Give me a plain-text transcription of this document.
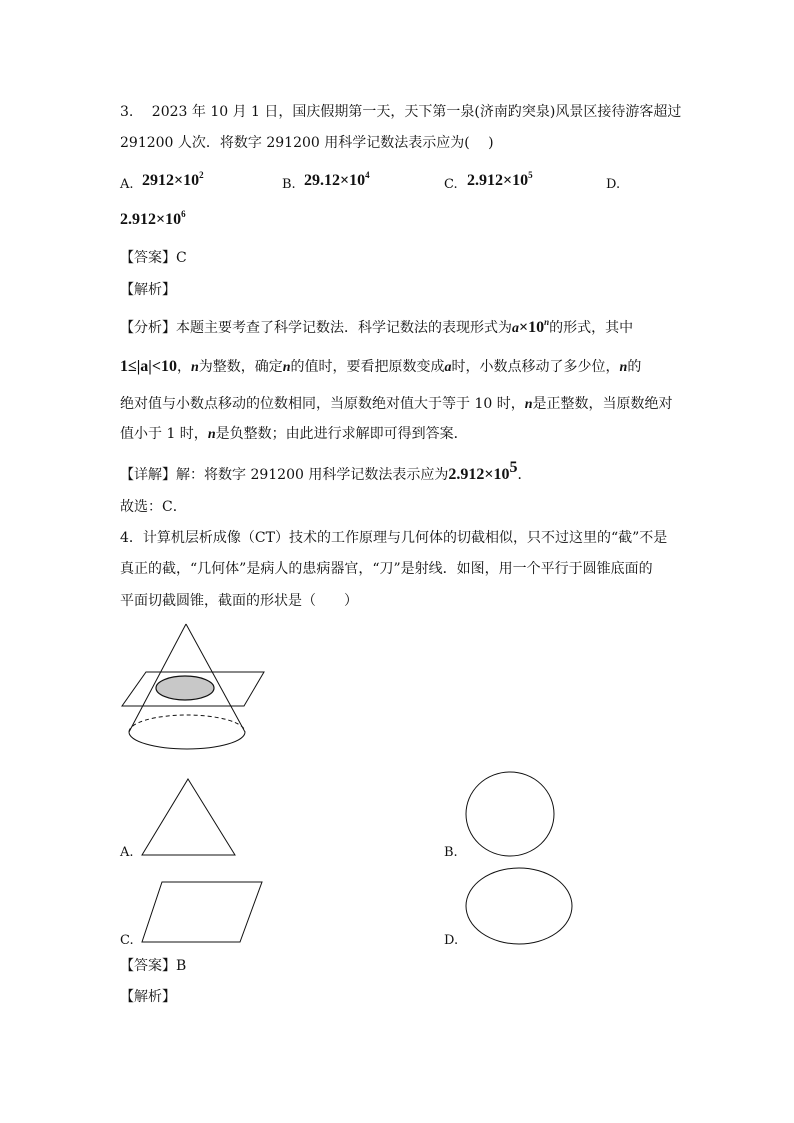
3.　 2023 年 10 月 1 日，国庆假期第一天，天下第一泉(济南趵突泉)风景区接待游客超过
291200 人次．将数字 291200 用科学记数法表示应为(　 )
A. $2912\times 10^2$
B. $29.12\times 10^4$
C. $2.912\times 10^5$
D.
$2.912\times 10^6$
【答案】C
【解析】
【分析】本题主要考查了科学记数法．科学记数法的表现形式为$a\times 10^n$的形式，其中
1≤|a|<10，n为整数，确定n的值时，要看把原数变成a时，小数点移动了多少位，n的
绝对值与小数点移动的位数相同，当原数绝对值大于等于 10 时，n是正整数，当原数绝对
值小于 1 时，n是负整数；由此进行求解即可得到答案．
【详解】解：将数字 291200 用科学记数法表示应为$2.912\times 10^5$．
故选：C．
4．计算机层析成像（CT）技术的工作原理与几何体的切截相似，只不过这里的“截”不是
真正的截，“几何体”是病人的患病器官，“刀”是射线．如图，用一个平行于圆锥底面的
平面切截圆锥，截面的形状是（　　）
A.	B.
C.	D.
【答案】B
【解析】
